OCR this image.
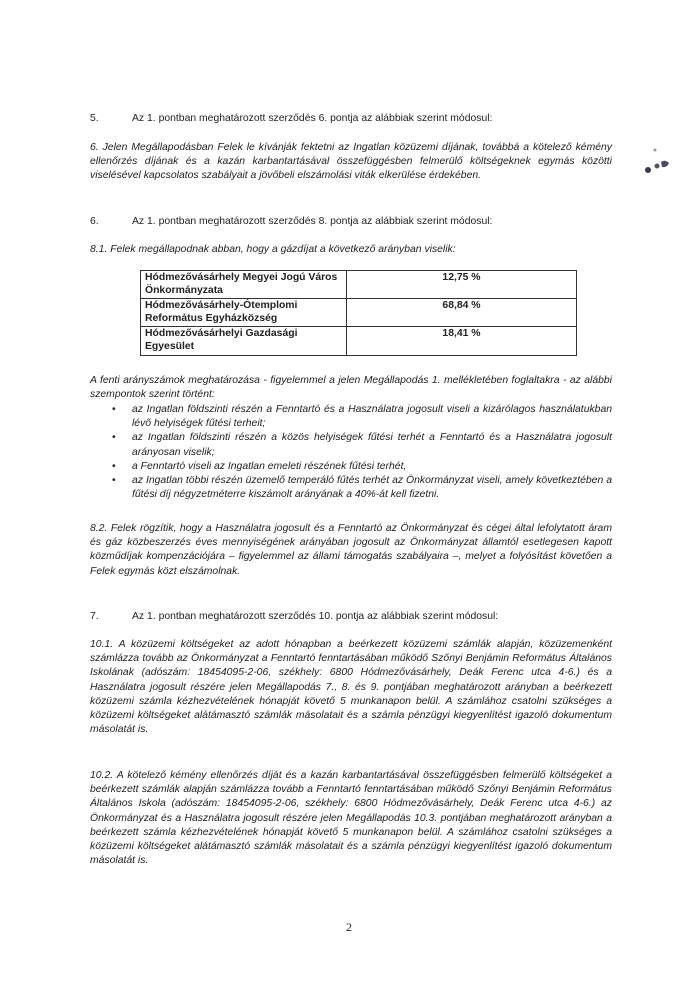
5.	Az 1. pontban meghatározott szerződés 6. pontja az alábbiak szerint módosul:
6. Jelen Megállapodásban Felek le kívánják fektetni az Ingatlan közüzemi díjának, továbbá a kötelező kémény ellenőrzés díjának és a kazán karbantartásával összefüggésben felmerülő költségeknek egymás közötti viselésével kapcsolatos szabályait a jövőbeli elszámolási viták elkerülése érdekében.
6.	Az 1. pontban meghatározott szerződés 8. pontja az alábbiak szerint módosul:
8.1. Felek megállapodnak abban, hogy a gázdíjat a következő arányban viselik:
Hódmezővásárhely Megyei Jogú Város Önkormányzata	12,75 %
Hódmezővásárhely-Ótemplomi Református Egyházközség	68,84 %
Hódmezővásárhelyi Gazdasági Egyesület	18,41 %
A fenti arányszámok meghatározása - figyelemmel a jelen Megállapodás 1. mellékletében foglaltakra - az alábbi szempontok szerint történt:
• az Ingatlan földszinti részén a Fenntartó és a Használatra jogosult viseli a kizárólagos használatukban lévő helyiségek fűtési terheit;
• az Ingatlan földszinti részén a közös helyiségek fűtési terhét a Fenntartó és a Használatra jogosult arányosan viselik;
• a Fenntartó viseli az Ingatlan emeleti részének fűtési terhét,
• az Ingatlan többi részén üzemelő temperáló fűtés terhét az Önkormányzat viseli, amely következtében a fűtési díj négyzetméterre kiszámolt arányának a 40%-át kell fizetni.
8.2. Felek rögzítik, hogy a Használatra jogosult és a Fenntartó az Önkormányzat és cégei által lefolytatott áram és gáz közbeszerzés éves mennyiségének arányában jogosult az Önkormányzat államtól esetlegesen kapott közműdíjak kompenzációjára – figyelemmel az állami támogatás szabályaira –, melyet a folyósítást követően a Felek egymás közt elszámolnak.
7.	Az 1. pontban meghatározott szerződés 10. pontja az alábbiak szerint módosul:
10.1. A közüzemi költségeket az adott hónapban a beérkezett közüzemi számlák alapján, közüzemenként számlázza tovább az Önkormányzat a Fenntartó fenntartásában működő Szőnyi Benjámin Református Általános Iskolának (adószám: 18454095-2-06, székhely: 6800 Hódmezővásárhely, Deák Ferenc utca 4-6.) és a Használatra jogosult részére jelen Megállapodás 7., 8. és 9. pontjában meghatározott arányban a beérkezett közüzemi számla kézhezvételének hónapját követő 5 munkanapon belül. A számlához csatolni szükséges a közüzemi költségeket alátámasztó számlák másolatait és a számla pénzügyi kiegyenlítést igazoló dokumentum másolatát is.
10.2. A kötelező kémény ellenőrzés díját és a kazán karbantartásával összefüggésben felmerülő költségeket a beérkezett számlák alapján számlázza tovább a Fenntartó fenntartásában működő Szőnyi Benjámin Református Általános Iskola (adószám: 18454095-2-06, székhely: 6800 Hódmezővásárhely, Deák Ferenc utca 4-6.) az Önkormányzat és a Használatra jogosult részére jelen Megállapodás 10.3. pontjában meghatározott arányban a beérkezett számla kézhezvételének hónapját követő 5 munkanapon belül. A számlához csatolni szükséges a közüzemi költségeket alátámasztó számlák másolatait és a számla pénzügyi kiegyenlítést igazoló dokumentum másolatát is.
2
